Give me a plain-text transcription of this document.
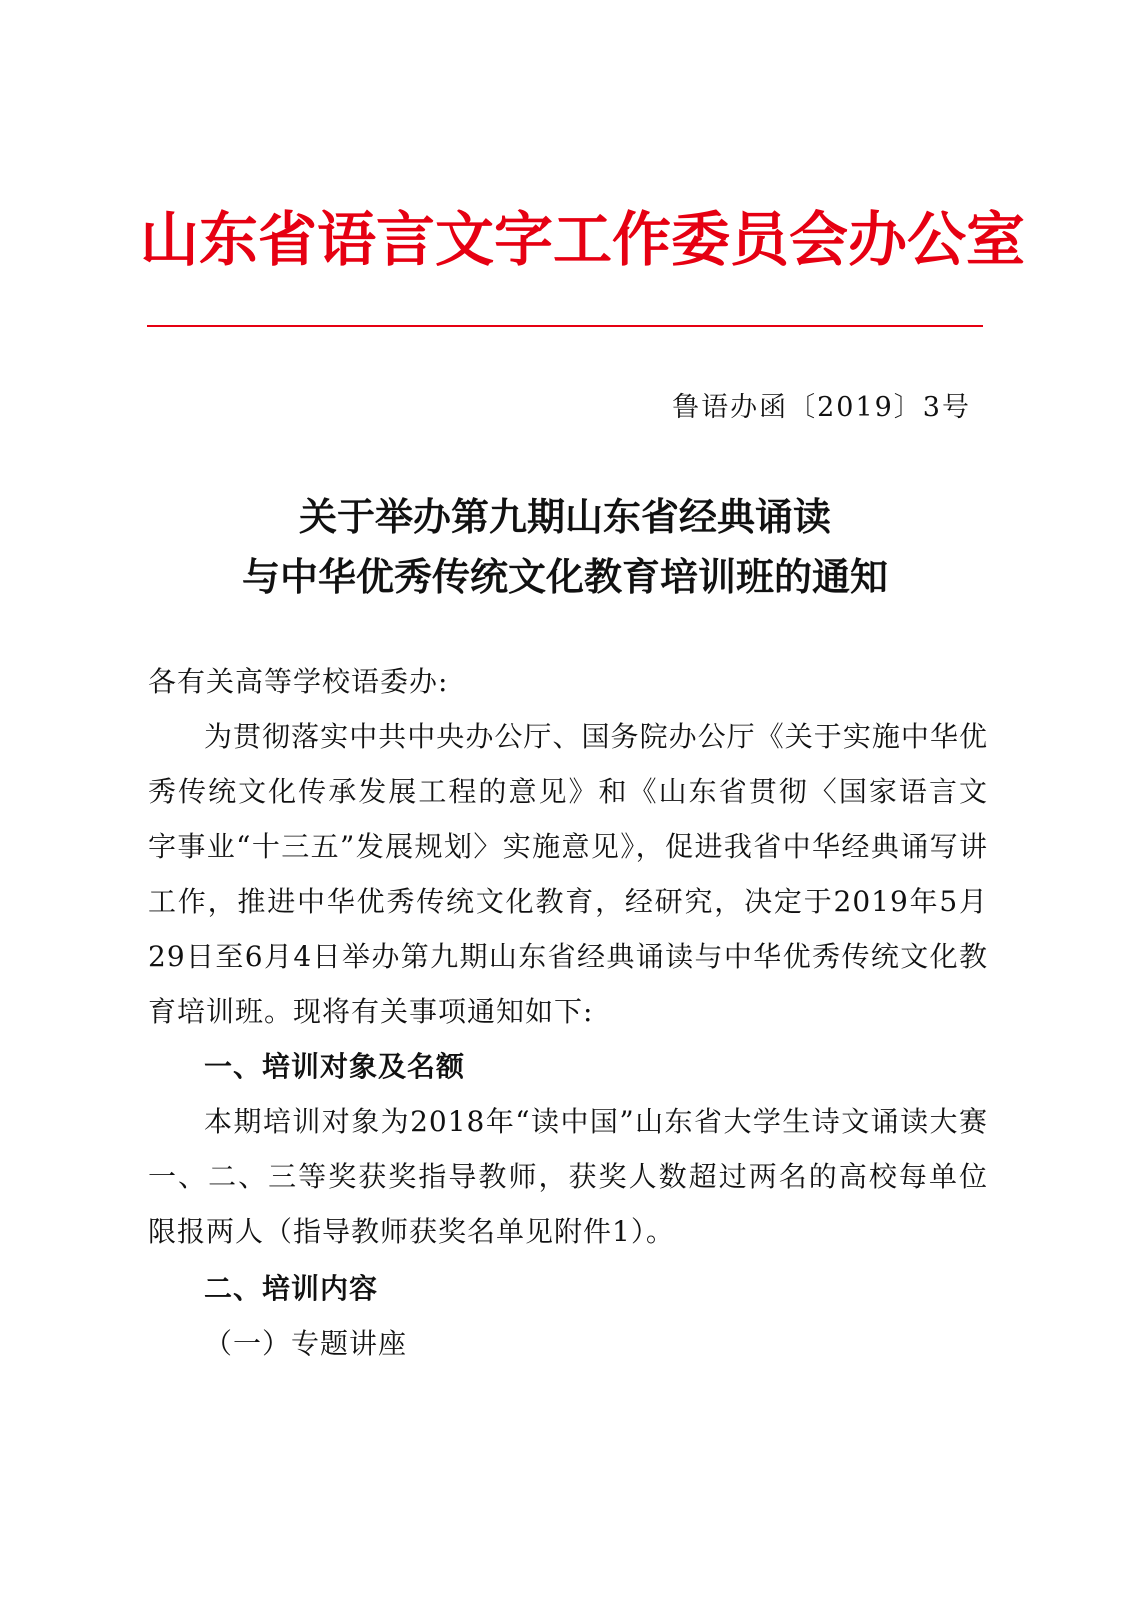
山东省语言文字工作委员会办公室
鲁语办函〔2019〕3号
关于举办第九期山东省经典诵读
与中华优秀传统文化教育培训班的通知

各有关高等学校语委办:

为贯彻落实中共中央办公厅、国务院办公厅《关于实施中华优秀传统文化传承发展工程的意见》和《山东省贯彻〈国家语言文字事业“十三五”发展规划〉实施意见》，促进我省中华经典诵写讲工作，推进中华优秀传统文化教育，经研究，决定于2019年5月29日至6月4日举办第九期山东省经典诵读与中华优秀传统文化教育培训班。现将有关事项通知如下:

一、培训对象及名额

本期培训对象为2018年“读中国”山东省大学生诗文诵读大赛一、二、三等奖获奖指导教师，获奖人数超过两名的高校每单位限报两人（指导教师获奖名单见附件1）。

二、培训内容

（一）专题讲座
